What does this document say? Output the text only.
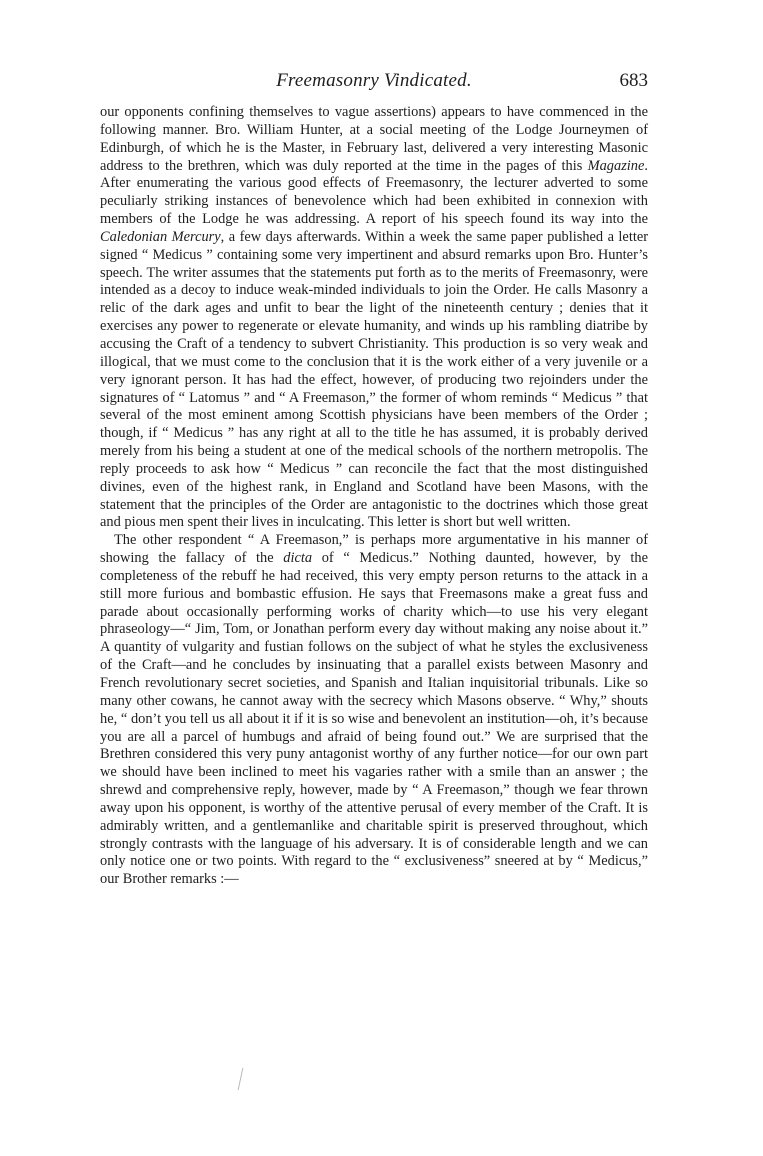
Freemasonry Vindicated.	683

our opponents confining themselves to vague assertions) appears to have commenced in the following manner. Bro. William Hunter, at a social meeting of the Lodge Journeymen of Edinburgh, of which he is the Master, in February last, delivered a very interesting Masonic address to the brethren, which was duly reported at the time in the pages of this Magazine. After enumerating the various good effects of Freemasonry, the lecturer adverted to some peculiarly striking instances of benevolence which had been exhibited in connexion with members of the Lodge he was addressing. A report of his speech found its way into the Caledonian Mercury, a few days afterwards. Within a week the same paper published a letter signed “ Medicus ” containing some very impertinent and absurd remarks upon Bro. Hunter’s speech. The writer assumes that the statements put forth as to the merits of Freemasonry, were intended as a decoy to induce weak-minded individuals to join the Order. He calls Masonry a relic of the dark ages and unfit to bear the light of the nineteenth century ; denies that it exercises any power to regenerate or elevate humanity, and winds up his rambling diatribe by accusing the Craft of a tendency to subvert Christianity. This production is so very weak and illogical, that we must come to the conclusion that it is the work either of a very juvenile or a very ignorant person. It has had the effect, however, of producing two rejoinders under the signatures of “ Latomus ” and “ A Freemason,” the former of whom reminds “ Medicus ” that several of the most eminent among Scottish physicians have been members of the Order ; though, if “ Medicus ” has any right at all to the title he has assumed, it is probably derived merely from his being a student at one of the medical schools of the northern metropolis. The reply proceeds to ask how “ Medicus ” can reconcile the fact that the most distinguished divines, even of the highest rank, in England and Scotland have been Masons, with the statement that the principles of the Order are antagonistic to the doctrines which those great and pious men spent their lives in inculcating. This letter is short but well written.

The other respondent “ A Freemason,” is perhaps more argumentative in his manner of showing the fallacy of the dicta of “ Medicus.” Nothing daunted, however, by the completeness of the rebuff he had received, this very empty person returns to the attack in a still more furious and bombastic effusion. He says that Freemasons make a great fuss and parade about occasionally performing works of charity which—to use his very elegant phraseology—“ Jim, Tom, or Jonathan perform every day without making any noise about it.” A quantity of vulgarity and fustian follows on the subject of what he styles the exclusiveness of the Craft—and he concludes by insinuating that a parallel exists between Masonry and French revolutionary secret societies, and Spanish and Italian inquisitorial tribunals. Like so many other cowans, he cannot away with the secrecy which Masons observe. “ Why,” shouts he, “ don’t you tell us all about it if it is so wise and benevolent an institution—oh, it’s because you are all a parcel of humbugs and afraid of being found out.” We are surprised that the Brethren considered this very puny antagonist worthy of any further notice—for our own part we should have been inclined to meet his vagaries rather with a smile than an answer ; the shrewd and comprehensive reply, however, made by “ A Freemason,” though we fear thrown away upon his opponent, is worthy of the attentive perusal of every member of the Craft. It is admirably written, and a gentlemanlike and charitable spirit is preserved throughout, which strongly contrasts with the language of his adversary. It is of considerable length and we can only notice one or two points. With regard to the “ exclusiveness” sneered at by “ Medicus,” our Brother remarks :—
